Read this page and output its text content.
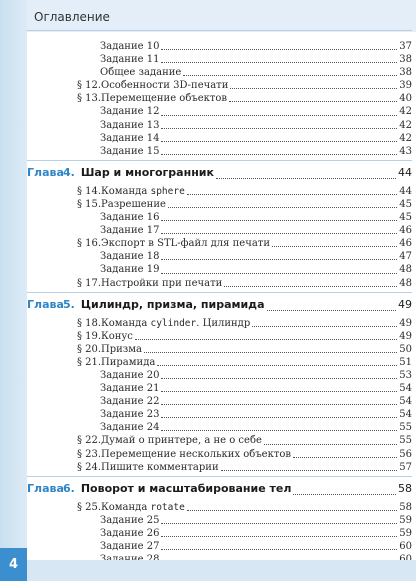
Оглавление
Задание 10	37
Задание 11	38
Общее задание	38
§ 12. Особенности 3D-печати	39
§ 13. Перемещение объектов	40
Задание 12	42
Задание 13	42
Задание 14	42
Задание 15	43
Глава 4. Шар и многогранник	44
§ 14. Команда sphere	44
§ 15. Разрешение	45
Задание 16	45
Задание 17	46
§ 16. Экспорт в STL-файл для печати	46
Задание 18	47
Задание 19	48
§ 17. Настройки при печати	48
Глава 5. Цилиндр, призма, пирамида	49
§ 18. Команда cylinder. Цилиндр	49
§ 19. Конус	49
§ 20. Призма	50
§ 21. Пирамида	51
Задание 20	53
Задание 21	54
Задание 22	54
Задание 23	54
Задание 24	55
§ 22. Думай о принтере, а не о себе	55
§ 23. Перемещение нескольких объектов	56
§ 24. Пишите комментарии	57
Глава 6. Поворот и масштабирование тел	58
§ 25. Команда rotate	58
Задание 25	59
Задание 26	59
Задание 27	60
4
